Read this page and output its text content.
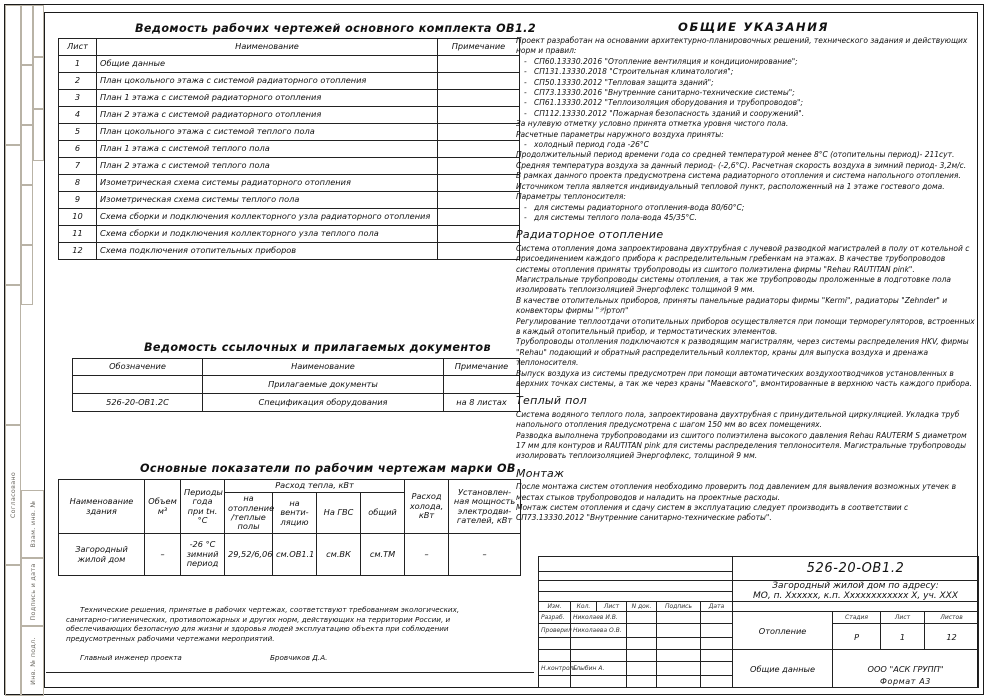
Согласовано
Взам. инв. №
Подпись и дата
Инв. № подл.
Ведомость рабочих чертежей основного комплекта ОВ1.2
Лист	Наименование	Примечание
1	Общие данные	
2	План цокольного этажа с системой радиаторного отопления	
3	План 1 этажа с системой радиаторного отопления	
4	План 2 этажа с системой радиаторного отопления	
5	План цокольного этажа с системой теплого пола	
6	План 1 этажа с системой теплого пола	
7	План 2 этажа с системой теплого пола	
8	Изометрическая схема системы радиаторного отопления	
9	Изометрическая схема системы теплого пола	
10	Схема сборки и подключения коллекторного узла радиаторного отопления	
11	Схема сборки и подключения коллекторного узла теплого пола	
12	Схема подключения отопительных приборов	
Ведомость ссылочных и прилагаемых документов
Обозначение	Наименование	Примечание
	Прилагаемые документы	
526-20-ОВ1.2С	Спецификация оборудования	на 8 листах
Основные показатели по рабочим чертежам марки ОВ
Наименование здания	Объем м³	Периоды года при tн.°С	Расход тепла, кВт				Расход холода, кВт	Установлен-ная мощность электродви-гателей, кВт
			на отопление /теплые полы	на венти-ляцию	На ГВС	общий		
Загородный жилой дом	–	-26 °С зимний период	29,52/6,06	см.ОВ1.1	см.ВК	см.ТМ	–	–
ОБЩИЕ УКАЗАНИЯ

Проект разработан на основании архитектурно-планировочных решений, технического задания и действующих норм и правил:

- СП60.13330.2016 "Отопление вентиляция и кондиционирование";
- СП131.13330.2018 "Строительная климатология";
- СП50.13330.2012 "Тепловая защита зданий";
- СП73.13330.2016 "Внутренние санитарно-технические системы";
- СП61.13330.2012 "Теплоизоляция оборудования и трубопроводов";
- СП112.13330.2012 "Пожарная безопасность зданий и сооружений".

За нулевую отметку условно принята отметка уровня чистого пола.

Расчетные параметры наружного воздуха приняты:

- холодный период года -26°С

Продолжительный период времени года со средней температурой менее 8°С (отопительны период)- 211сут.

Средняя температура воздуха за данный период- (-2,6°С). Расчетная скорость воздуха в зимний период- 3,2м/с.

В рамках данного проекта предусмотрена система радиаторного отопления и система напольного отопления.

Источником тепла является индивидуальный тепловой пункт, расположенный на 1 этаже гостевого дома. Параметры теплоносителя:

- для системы радиаторного отопления-вода 80/60°С;
- для системы теплого пола-вода 45/35°С.
Радиаторное отопление

Система отопления дома запроектирована двухтрубная с лучевой разводкой магистралей в полу от котельной с присоединением каждого прибора к распределительным гребенкам на этажах. В качестве трубопроводов системы отопления приняты трубопроводы из сшитого полиэтилена фирмы "Rehau RAUTITAN pink". Магистральные трубопроводы системы отопления, а так же трубопроводы проложенные в подготовке пола изолировать теплоизоляцией Энергофлекс толщиной 9 мм.

В качестве отопительных приборов, приняты панельные радиаторы фирмы "Kermi", радиаторы "Zehnder" и конвекторы фирмы "카ртоп"

Регулирование теплоотдачи отопительных приборов осуществляется при помощи терморегуляторов, встроенных в каждый отопительный прибор, и термостатических элементов.

Трубопроводы отопления подключаются к разводящим магистралям, через системы распределения HKV, фирмы "Rehau" подающий и обратный распределительный коллектор, краны для выпуска воздуха и дренажа теплоносителя.

Выпуск воздуха из системы предусмотрен при помощи автоматических воздухоотводчиков установленных в верхних точках системы, а так же через краны "Маевского", вмонтированные в верхнюю часть каждого прибора.

Теплый пол

Система водяного теплого пола, запроектирована двухтрубная с принудительной циркуляцией. Укладка труб напольного отопления предусмотрена с шагом 150 мм во всех помещениях.

Разводка выполнена трубопроводами из сшитого полиэтилена высокого давления Rehau RAUTERM S диаметром 17 мм для контуров и RAUTITAN pink для системы распределения теплоносителя. Магистральные трубопроводы изолировать теплоизоляцией Энергофлекс, толщиной 9 мм.

Монтаж

После монтажа систем отопления необходимо проверить под давлением для выявления возможных утечек в местах стыков трубопроводов и наладить на проектные расходы.

Монтаж систем отопления и сдачу систем в эксплуатацию следует производить в соответствии с СП73.13330.2012 "Внутренние санитарно-технические работы".

Технические решения, принятые в рабочих чертежах, соответствуют требованиям экологических, санитарно-гигиенических, противопожарных и других норм, действующих на территории России, и обеспечивающих безопасную для жизни и здоровья людей эксплуатацию объекта при соблюдении предусмотренных рабочими чертежами мероприятий.

Главный инженер проекта	Бровчиков Д.А.
						526-20-ОВ1.2			

						Загородный жилой дом по адресу:
МО, п. Хххххх, к.п. Хххххххххххх Х, уч. ХХХ			

Изм.	Кол.	Лист	N док.	Подпись	Дата				
Разраб.	Николаев И.В.					Отопление	Стадия	Лист	Листов
Проверил	Николаева О.В.						Р	1	12

						Общие данные	ООО "АСК ГРУПП"		
Н.контроль	Глыбин А.								

Формат А3
